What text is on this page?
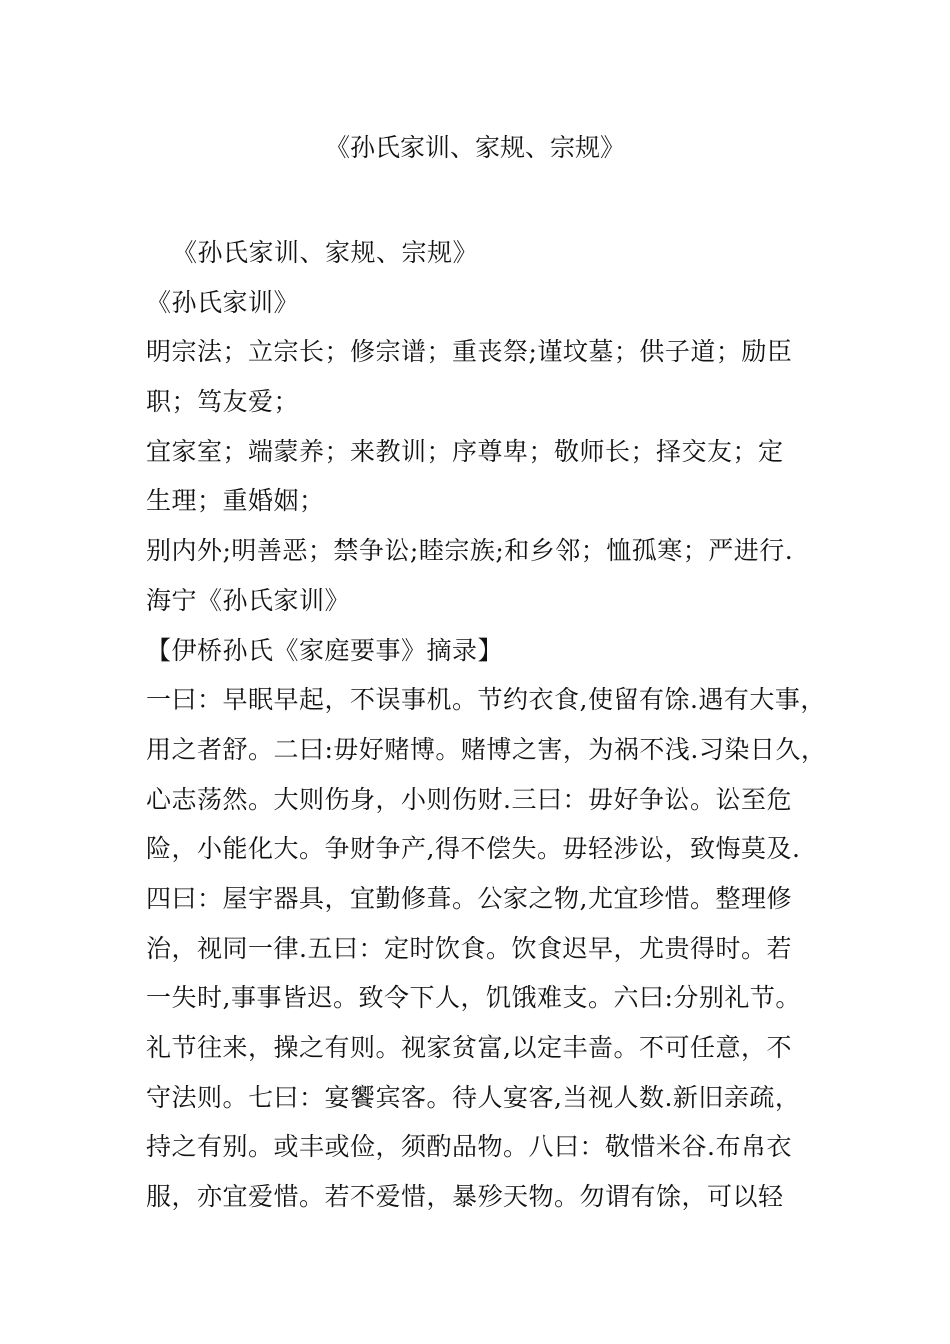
《孙氏家训、家规、宗规》
《孙氏家训、家规、宗规》
《孙氏家训》
明宗法；立宗长；修宗谱；重丧祭;谨坟墓；供子道；励臣
职；笃友爱；
宜家室；端蒙养；来教训；序尊卑；敬师长；择交友；定
生理；重婚姻；
别内外;明善恶；禁争讼;睦宗族;和乡邻；恤孤寒；严进行.
海宁《孙氏家训》
【伊桥孙氏《家庭要事》摘录】
一曰：早眠早起，不误事机。节约衣食,使留有馀.遇有大事，
用之者舒。二曰:毋好赌博。赌博之害，为祸不浅.习染日久，
心志荡然。大则伤身，小则伤财.三曰：毋好争讼。讼至危
险，小能化大。争财争产,得不偿失。毋轻涉讼，致悔莫及.
四曰：屋宇器具，宜勤修葺。公家之物,尤宜珍惜。整理修
治，视同一律.五曰：定时饮食。饮食迟早，尤贵得时。若
一失时,事事皆迟。致令下人，饥饿难支。六曰:分别礼节。
礼节往来，操之有则。视家贫富,以定丰啬。不可任意，不
守法则。七曰：宴饗宾客。待人宴客,当视人数.新旧亲疏，
持之有别。或丰或俭，须酌品物。八曰：敬惜米谷.布帛衣
服，亦宜爱惜。若不爱惜，暴殄天物。勿谓有馀，可以轻
